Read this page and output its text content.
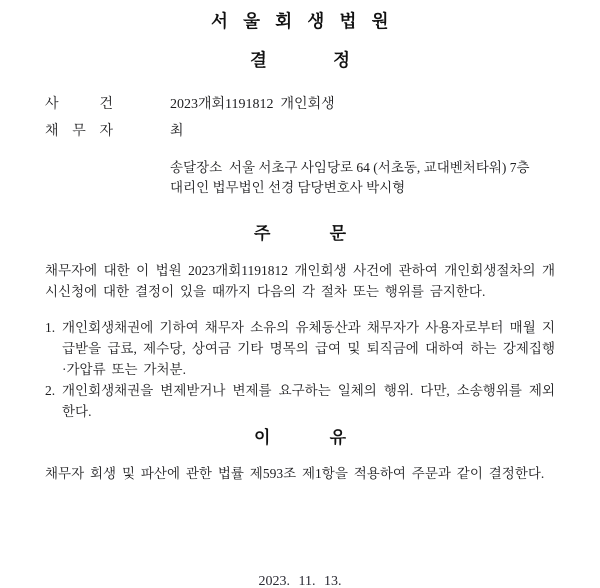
서 울 회 생 법 원
결 정
사 건	2023개회1191812  개인회생
채 무 자	최
송달장소  서울 서초구 사임당로 64 (서초동, 교대벤처타워) 7층
대리인 법무법인 선경 담당변호사 박시형
주 문
채무자에 대한 이 법원 2023개회1191812 개인회생 사건에 관하여 개인회생절차의 개시신청에 대한 결정이 있을 때까지 다음의 각 절차 또는 행위를 금지한다.
1. 개인회생채권에 기하여 채무자 소유의 유체동산과 채무자가 사용자로부터 매월 지급받을 급료, 제수당, 상여금 기타 명목의 급여 및 퇴직금에 대하여 하는 강제집행·가압류 또는 가처분.
2. 개인회생채권을 변제받거나 변제를 요구하는 일체의 행위. 다만, 소송행위를 제외한다.
이 유
채무자 회생 및 파산에 관한 법률 제593조 제1항을 적용하여 주문과 같이 결정한다.
2023. 11. 13.
